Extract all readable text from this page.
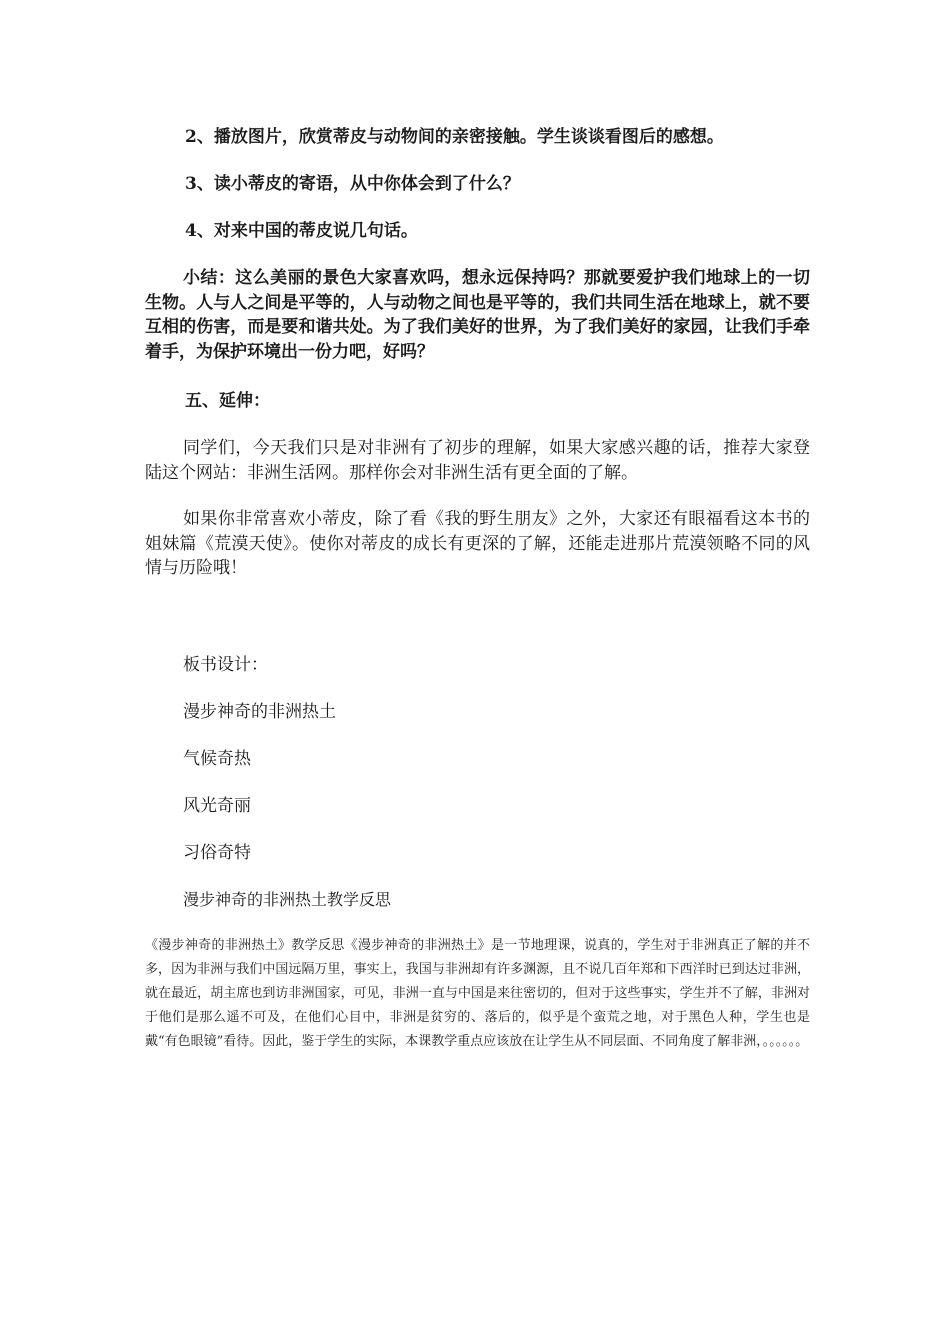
2、播放图片，欣赏蒂皮与动物间的亲密接触。学生谈谈看图后的感想。
3、读小蒂皮的寄语，从中你体会到了什么？
4、对来中国的蒂皮说几句话。
小结：这么美丽的景色大家喜欢吗，想永远保持吗？那就要爱护我们地球上的一切生物。人与人之间是平等的，人与动物之间也是平等的，我们共同生活在地球上，就不要互相的伤害，而是要和谐共处。为了我们美好的世界，为了我们美好的家园，让我们手牵着手，为保护环境出一份力吧，好吗？
五、延伸：
同学们，今天我们只是对非洲有了初步的理解，如果大家感兴趣的话，推荐大家登陆这个网站：非洲生活网。那样你会对非洲生活有更全面的了解。
如果你非常喜欢小蒂皮，除了看《我的野生朋友》之外，大家还有眼福看这本书的姐妹篇《荒漠天使》。使你对蒂皮的成长有更深的了解，还能走进那片荒漠领略不同的风情与历险哦！
板书设计：
漫步神奇的非洲热土
气候奇热
风光奇丽
习俗奇特
漫步神奇的非洲热土教学反思
《漫步神奇的非洲热土》教学反思《漫步神奇的非洲热土》是一节地理课，说真的，学生对于非洲真正了解的并不多，因为非洲与我们中国远隔万里，事实上，我国与非洲却有许多渊源，且不说几百年郑和下西洋时已到达过非洲，就在最近，胡主席也到访非洲国家，可见，非洲一直与中国是来往密切的，但对于这些事实，学生并不了解，非洲对于他们是那么遥不可及，在他们心目中，非洲是贫穷的、落后的，似乎是个蛮荒之地，对于黑色人种，学生也是戴“有色眼镜”看待。因此，鉴于学生的实际，本课教学重点应该放在让学生从不同层面、不同角度了解非洲，。。。。。。
